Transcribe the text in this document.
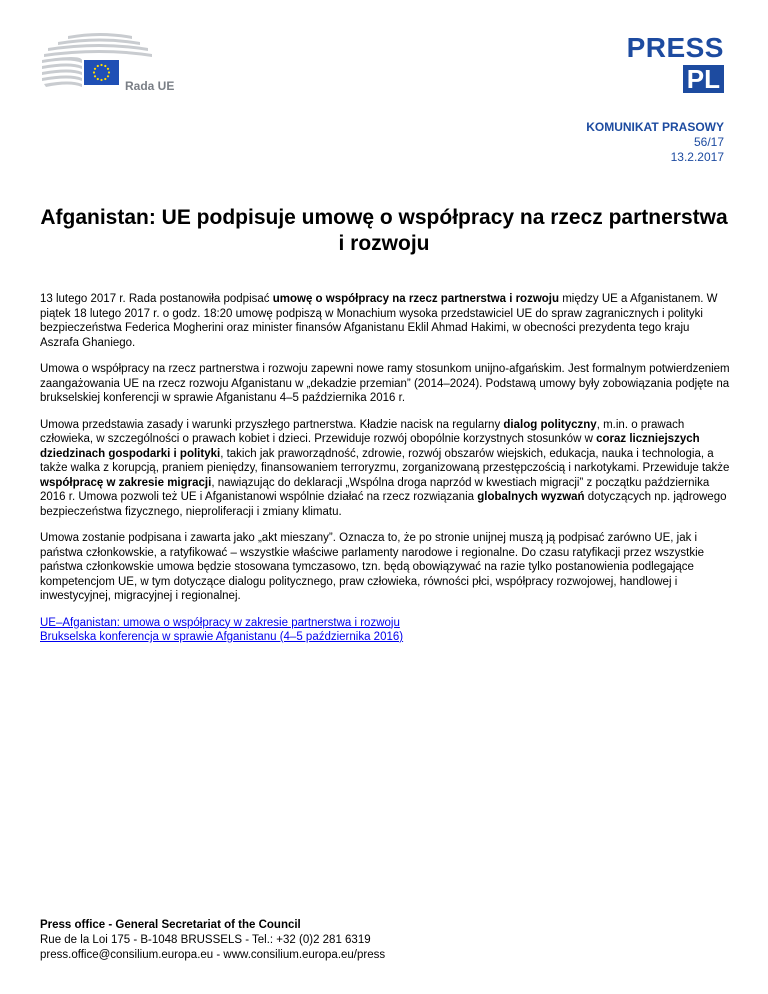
Rada UE
PRESS
PL
KOMUNIKAT PRASOWY
56/17
13.2.2017
Afganistan: UE podpisuje umowę o współpracy na rzecz partnerstwa i rozwoju

13 lutego 2017 r. Rada postanowiła podpisać umowę o współpracy na rzecz partnerstwa i rozwoju między UE a Afganistanem. W piątek 18 lutego 2017 r. o godz. 18:20 umowę podpiszą w Monachium wysoka przedstawiciel UE do spraw zagranicznych i polityki bezpieczeństwa Federica Mogherini oraz minister finansów Afganistanu Eklil Ahmad Hakimi, w obecności prezydenta tego kraju Aszrafa Ghaniego.

Umowa o współpracy na rzecz partnerstwa i rozwoju zapewni nowe ramy stosunkom unijno-afgańskim. Jest formalnym potwierdzeniem zaangażowania UE na rzecz rozwoju Afganistanu w „dekadzie przemian” (2014–2024). Podstawą umowy były zobowiązania podjęte na brukselskiej konferencji w sprawie Afganistanu 4–5 października 2016 r.

Umowa przedstawia zasady i warunki przyszłego partnerstwa. Kładzie nacisk na regularny dialog polityczny, m.in. o prawach człowieka, w szczególności o prawach kobiet i dzieci. Przewiduje rozwój obopólnie korzystnych stosunków w coraz liczniejszych dziedzinach gospodarki i polityki, takich jak praworządność, zdrowie, rozwój obszarów wiejskich, edukacja, nauka i technologia, a także walka z korupcją, praniem pieniędzy, finansowaniem terroryzmu, zorganizowaną przestępczością i narkotykami. Przewiduje także współpracę w zakresie migracji, nawiązując do deklaracji „Wspólna droga naprzód w kwestiach migracji” z początku października 2016 r. Umowa pozwoli też UE i Afganistanowi wspólnie działać na rzecz rozwiązania globalnych wyzwań dotyczących np. jądrowego bezpieczeństwa fizycznego, nieproliferacji i zmiany klimatu.

Umowa zostanie podpisana i zawarta jako „akt mieszany”. Oznacza to, że po stronie unijnej muszą ją podpisać zarówno UE, jak i państwa członkowskie, a ratyfikować – wszystkie właściwe parlamenty narodowe i regionalne. Do czasu ratyfikacji przez wszystkie państwa członkowskie umowa będzie stosowana tymczasowo, tzn. będą obowiązywać na razie tylko postanowienia podlegające kompetencjom UE, w tym dotyczące dialogu politycznego, praw człowieka, równości płci, współpracy rozwojowej, handlowej i inwestycyjnej, migracyjnej i regionalnej.

UE–Afganistan: umowa o współpracy w zakresie partnerstwa i rozwoju
Brukselska konferencja w sprawie Afganistanu (4–5 października 2016)
Press office - General Secretariat of the Council
Rue de la Loi 175 - B-1048 BRUSSELS - Tel.: +32 (0)2 281 6319
press.office@consilium.europa.eu - www.consilium.europa.eu/press
